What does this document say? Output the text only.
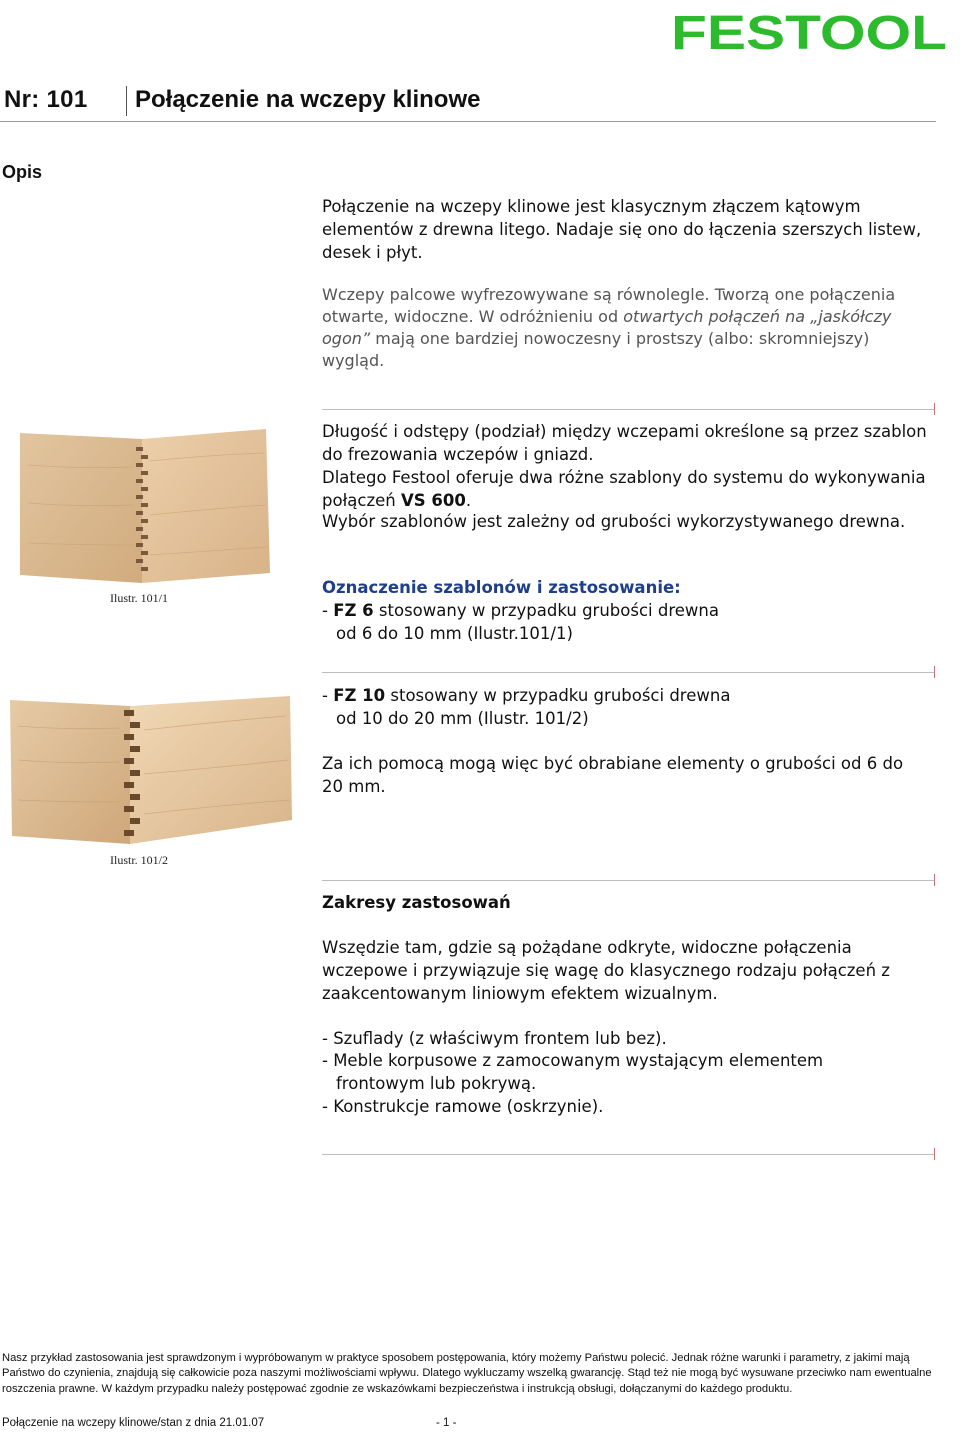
FESTOOL
Nr: 101 Połączenie na wczepy klinowe
Opis
Połączenie na wczepy klinowe jest klasycznym złączem kątowym elementów z drewna litego. Nadaje się ono do łączenia szerszych listew, desek i płyt.
Wczepy palcowe wyfrezowywane są równolegle. Tworzą one połączenia otwarte, widoczne. W odróżnieniu od otwartych połączeń na „jaskółczy ogon” mają one bardziej nowoczesny i prostszy (albo: skromniejszy) wygląd.
Ilustr. 101/1
Długość i odstępy (podział) między wczepami określone są przez szablon do frezowania wczepów i gniazd.
Dlatego Festool oferuje dwa różne szablony do systemu do wykonywania połączeń VS 600.
Wybór szablonów jest zależny od grubości wykorzystywanego drewna.
Oznaczenie szablonów i zastosowanie:
- FZ 6 stosowany w przypadku grubości drewna
od 6 do 10 mm (Ilustr.101/1)
Ilustr. 101/2
- FZ 10 stosowany w przypadku grubości drewna
od 10 do 20 mm (Ilustr. 101/2)
Za ich pomocą mogą więc być obrabiane elementy o grubości od 6 do 20 mm.
Zakresy zastosowań
Wszędzie tam, gdzie są pożądane odkryte, widoczne połączenia wczepowe i przywiązuje się wagę do klasycznego rodzaju połączeń z zaakcentowanym liniowym efektem wizualnym.
- Szuflady (z właściwym frontem lub bez).
- Meble korpusowe z zamocowanym wystającym elementem
frontowym lub pokrywą.
- Konstrukcje ramowe (oskrzynie).
Nasz przykład zastosowania jest sprawdzonym i wypróbowanym w praktyce sposobem postępowania, który możemy Państwu polecić. Jednak różne warunki i parametry, z jakimi mają Państwo do czynienia, znajdują się całkowicie poza naszymi możliwościami wpływu. Dlatego wykluczamy wszelką gwarancję. Stąd też nie mogą być wysuwane przeciwko nam ewentualne roszczenia prawne. W każdym przypadku należy postępować zgodnie ze wskazówkami bezpieczeństwa i instrukcją obsługi, dołączanymi do każdego produktu.
Połączenie na wczepy klinowe/stan z dnia 21.01.07	- 1 -
